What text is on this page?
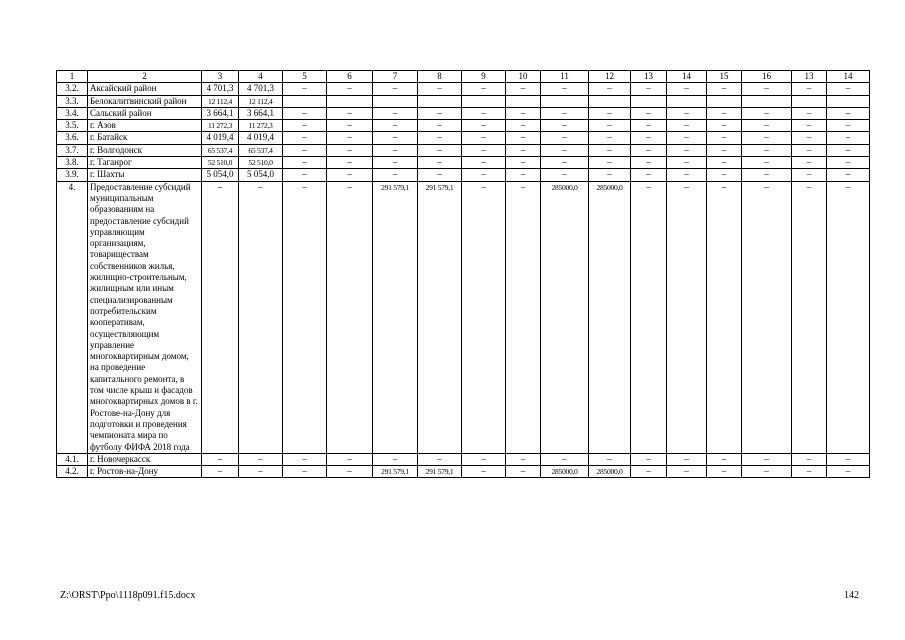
1	2	3	4	5	6	7	8	9	10	11	12	13	14	15	16	13	14
3.2.	Аксайский район	4 701,3	4 701,3	–	–	–	–	–	–	–	–	–	–	–	–	–	–
3.3.	Белокалитвинский район	12 112,4	12 112,4														
3.4.	Сальский район	3 664,1	3 664,1	–	–	–	–	–	–	–	–	–	–	–	–	–	–
3.5.	г. Азов	11 272,3	11 272,3	–	–	–	–	–	–	–	–	–	–	–	–	–	–
3.6.	г. Батайск	4 019,4	4 019,4	–	–	–	–	–	–	–	–	–	–	–	–	–	–
3.7.	г. Волгодонск	65 537,4	65 537,4	–	–	–	–	–	–	–	–	–	–	–	–	–	–
3.8.	г. Таганрог	52 510,0	52 510,0	–	–	–	–	–	–	–	–	–	–	–	–	–	–
3.9.	г. Шахты	5 054,0	5 054,0	–	–	–	–	–	–	–	–	–	–	–	–	–	–
4.	Предоставление субсидий муниципальным образованиям на предоставление субсидий управляющим организациям, товариществам собственников жилья, жилищно-строительным, жилищным или иным специализированным потребительским кооперативам, осуществляющим управление многоквартирным домом, на проведение капитального ремонта, в том числе крыш и фасадов многоквартирных домов в г. Ростове-на-Дону для подготовки и проведения чемпионата мира по футболу ФИФА 2018 года	–	–	–	–	291 579,1	291 579,1	–	–	285000,0	285000,0	–	–	–	–	–	–
4.1.	г. Новочеркасск	–	–	–	–	–	–	–	–	–	–	–	–	–	–	–	–
4.2.	г. Ростов-на-Дону	–	–	–	–	291 579,1	291 579,1	–	–	285000,0	285000,0	–	–	–	–	–	–
Z:\ORST\Ppo\1118p091.f15.docx	142
